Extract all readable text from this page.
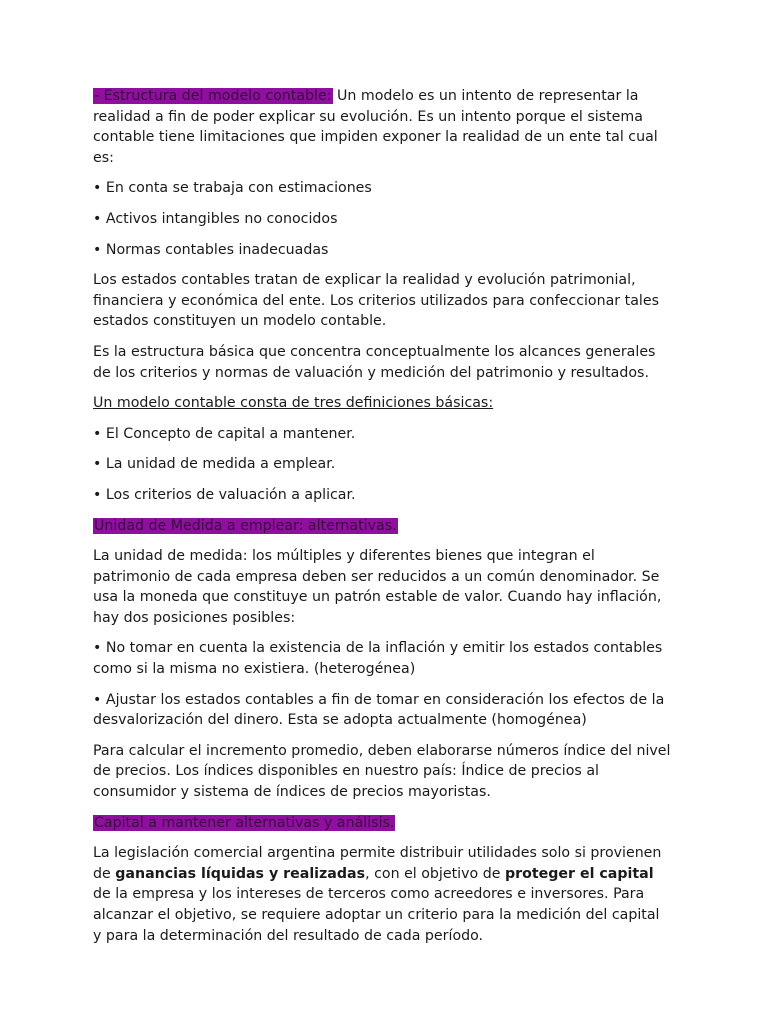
- Estructura del modelo contable: Un modelo es un intento de representar la realidad a fin de poder explicar su evolución. Es un intento porque el sistema contable tiene limitaciones que impiden exponer la realidad de un ente tal cual es:

• En conta se trabaja con estimaciones

• Activos intangibles no conocidos

• Normas contables inadecuadas

Los estados contables tratan de explicar la realidad y evolución patrimonial, financiera y económica del ente. Los criterios utilizados para confeccionar tales estados constituyen un modelo contable.

Es la estructura básica que concentra conceptualmente los alcances generales de los criterios y normas de valuación y medición del patrimonio y resultados.

Un modelo contable consta de tres definiciones básicas:

• El Concepto de capital a mantener.

• La unidad de medida a emplear.

• Los criterios de valuación a aplicar.

Unidad de Medida a emplear: alternativas.

La unidad de medida: los múltiples y diferentes bienes que integran el patrimonio de cada empresa deben ser reducidos a un común denominador. Se usa la moneda que constituye un patrón estable de valor. Cuando hay inflación, hay dos posiciones posibles:

• No tomar en cuenta la existencia de la inflación y emitir los estados contables como si la misma no existiera. (heterogénea)

• Ajustar los estados contables a fin de tomar en consideración los efectos de la desvalorización del dinero. Esta se adopta actualmente (homogénea)

Para calcular el incremento promedio, deben elaborarse números índice del nivel de precios. Los índices disponibles en nuestro país: Índice de precios al consumidor y sistema de índices de precios mayoristas.

Capital a mantener alternativas y análisis.

La legislación comercial argentina permite distribuir utilidades solo si provienen de ganancias líquidas y realizadas, con el objetivo de proteger el capital de la empresa y los intereses de terceros como acreedores e inversores. Para alcanzar el objetivo, se requiere adoptar un criterio para la medición del capital y para la determinación del resultado de cada período.
